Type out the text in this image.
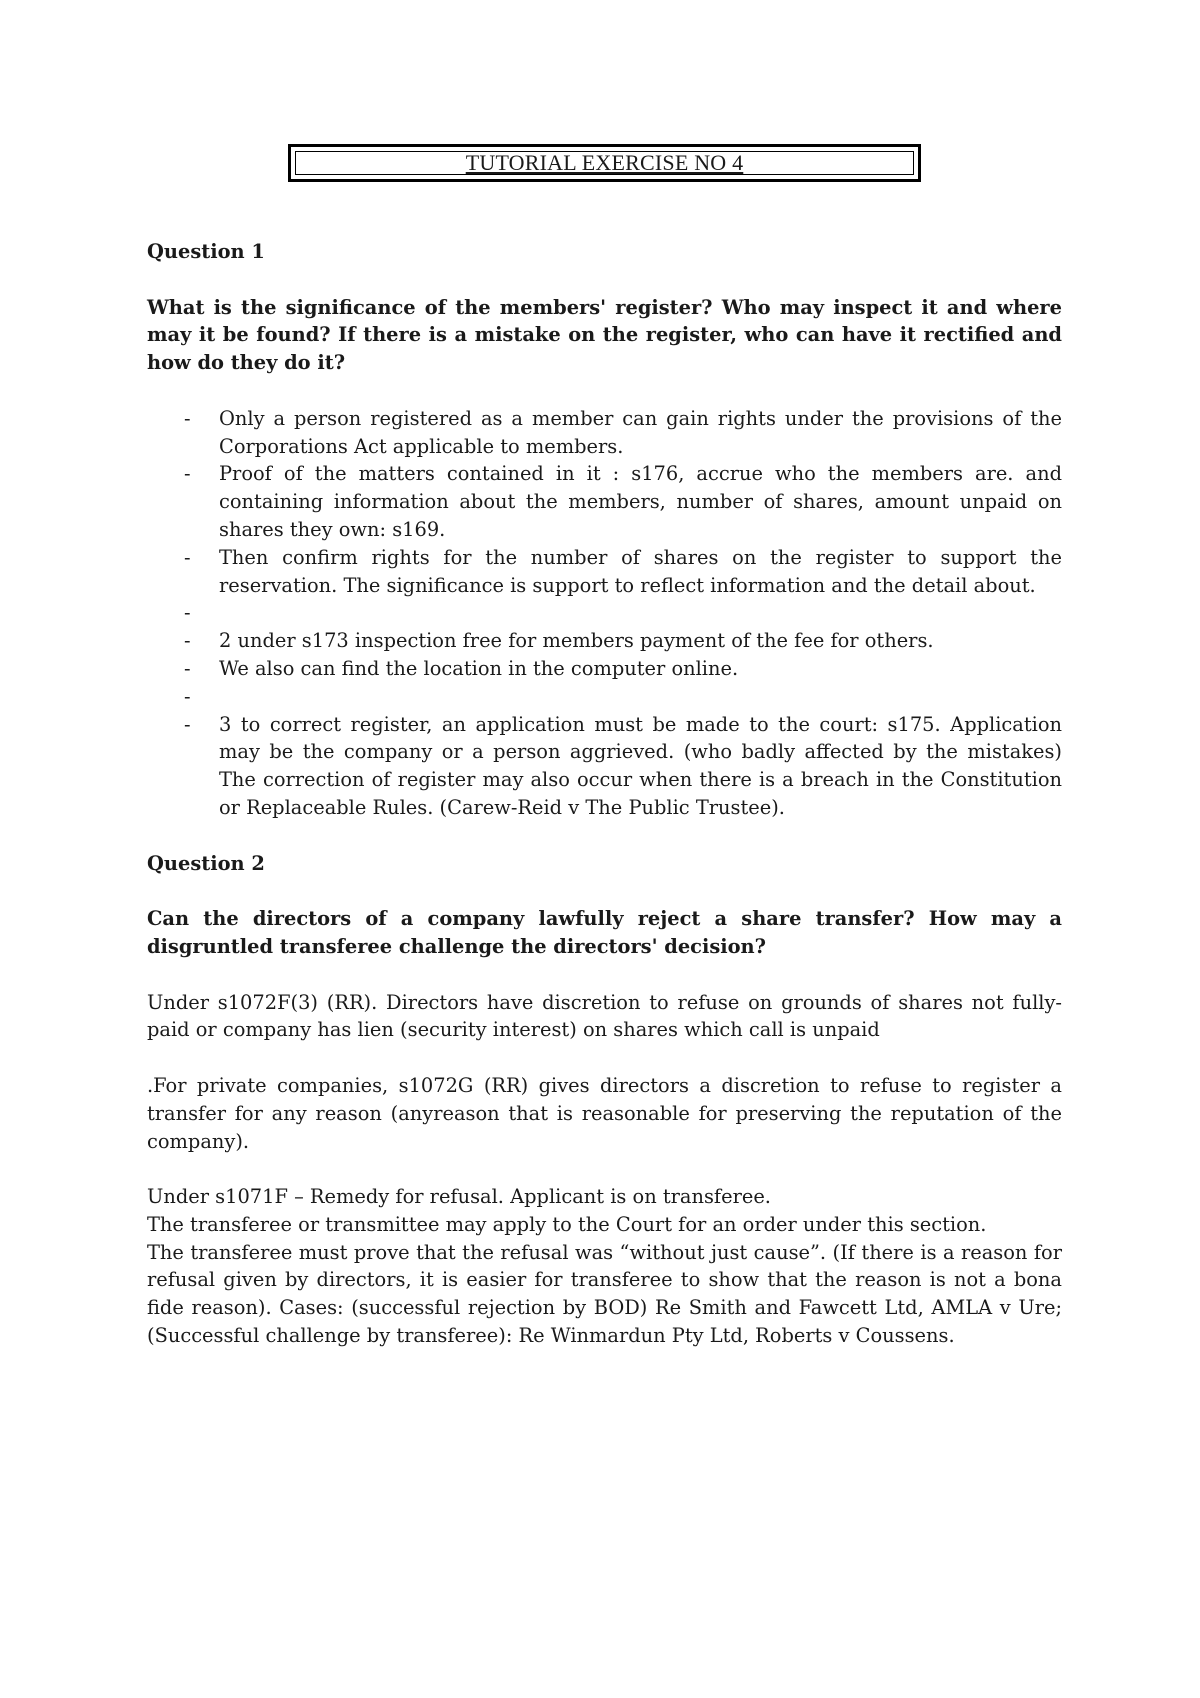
TUTORIAL EXERCISE NO 4

Question 1

What is the significance of the members' register? Who may inspect it and where may it be found? If there is a mistake on the register, who can have it rectified and how do they do it?

- Only a person registered as a member can gain rights under the provisions of the Corporations Act applicable to members.
- Proof of the matters contained in it : s176, accrue who the members are. and containing information about the members, number of shares, amount unpaid on shares they own: s169.
- Then confirm rights for the number of shares on the register to support the reservation. The significance is support to reflect information and the detail about.
-
- 2 under s173 inspection free for members payment of the fee for others.
- We also can find the location in the computer online.
-
- 3 to correct register, an application must be made to the court: s175. Application may be the company or a person aggrieved. (who badly affected by the mistakes) The correction of register may also occur when there is a breach in the Constitution or Replaceable Rules. (Carew-Reid v The Public Trustee).

Question 2

Can the directors of a company lawfully reject a share transfer? How may a disgruntled transferee challenge the directors' decision?

Under s1072F(3) (RR). Directors have discretion to refuse on grounds of shares not fully-paid or company has lien (security interest) on shares which call is unpaid

.For private companies, s1072G (RR) gives directors a discretion to refuse to register a transfer for any reason (anyreason that is reasonable for preserving the reputation of the company).

Under s1071F – Remedy for refusal. Applicant is on transferee.

The transferee or transmittee may apply to the Court for an order under this section.

The transferee must prove that the refusal was “without just cause”. (If there is a reason for refusal given by directors, it is easier for transferee to show that the reason is not a bona fide reason). Cases: (successful rejection by BOD) Re Smith and Fawcett Ltd, AMLA v Ure; (Successful challenge by transferee): Re Winmardun Pty Ltd, Roberts v Coussens.
